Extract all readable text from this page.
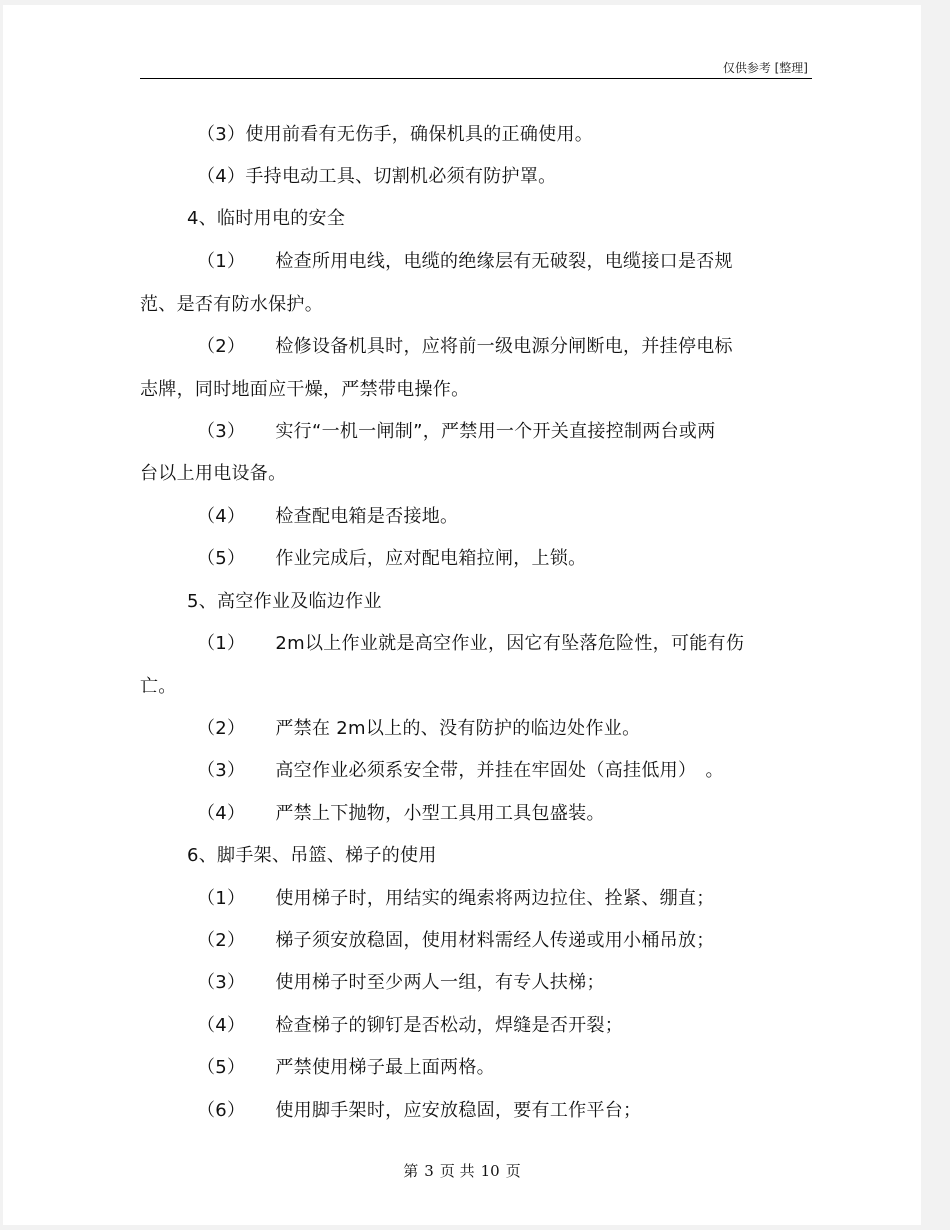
仅供参考 [整理]
（3）使用前看有无伤手，确保机具的正确使用。
（4）手持电动工具、切割机必须有防护罩。
4、临时用电的安全
（1） 检查所用电线，电缆的绝缘层有无破裂，电缆接口是否规
范、是否有防水保护。
（2） 检修设备机具时，应将前一级电源分闸断电，并挂停电标
志牌，同时地面应干燥，严禁带电操作。
（3） 实行“一机一闸制”，严禁用一个开关直接控制两台或两
台以上用电设备。
（4） 检查配电箱是否接地。
（5） 作业完成后，应对配电箱拉闸，上锁。
5、高空作业及临边作业
（1） 2m以上作业就是高空作业，因它有坠落危险性，可能有伤
亡。
（2） 严禁在 2m以上的、没有防护的临边处作业。
（3） 高空作业必须系安全带，并挂在牢固处（高挂低用）　。
（4） 严禁上下抛物，小型工具用工具包盛装。
6、脚手架、吊篮、梯子的使用
（1） 使用梯子时，用结实的绳索将两边拉住、拴紧、绷直；
（2） 梯子须安放稳固，使用材料需经人传递或用小桶吊放；
（3） 使用梯子时至少两人一组，有专人扶梯；
（4） 检查梯子的铆钉是否松动，焊缝是否开裂；
（5） 严禁使用梯子最上面两格。
（6） 使用脚手架时，应安放稳固，要有工作平台；
第 3 页 共 10 页
